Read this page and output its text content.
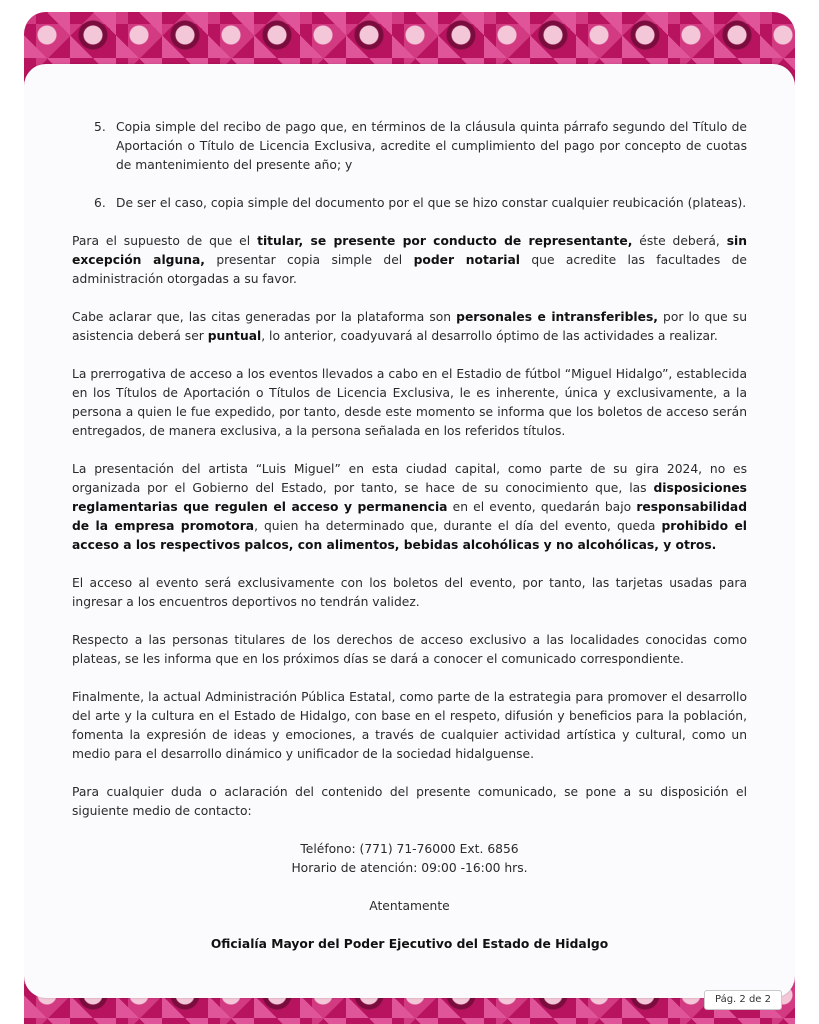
5. Copia simple del recibo de pago que, en términos de la cláusula quinta párrafo segundo del Título de Aportación o Título de Licencia Exclusiva, acredite el cumplimiento del pago por concepto de cuotas de mantenimiento del presente año; y
6. De ser el caso, copia simple del documento por el que se hizo constar cualquier reubicación (plateas).

Para el supuesto de que el titular, se presente por conducto de representante, éste deberá, sin excepción alguna, presentar copia simple del poder notarial que acredite las facultades de administración otorgadas a su favor.

Cabe aclarar que, las citas generadas por la plataforma son personales e intransferibles, por lo que su asistencia deberá ser puntual, lo anterior, coadyuvará al desarrollo óptimo de las actividades a realizar.

La prerrogativa de acceso a los eventos llevados a cabo en el Estadio de fútbol “Miguel Hidalgo”, establecida en los Títulos de Aportación o Títulos de Licencia Exclusiva, le es inherente, única y exclusivamente, a la persona a quien le fue expedido, por tanto, desde este momento se informa que los boletos de acceso serán entregados, de manera exclusiva, a la persona señalada en los referidos títulos.

La presentación del artista “Luis Miguel” en esta ciudad capital, como parte de su gira 2024, no es organizada por el Gobierno del Estado, por tanto, se hace de su conocimiento que, las disposiciones reglamentarias que regulen el acceso y permanencia en el evento, quedarán bajo responsabilidad de la empresa promotora, quien ha determinado que, durante el día del evento, queda prohibido el acceso a los respectivos palcos, con alimentos, bebidas alcohólicas y no alcohólicas, y otros.

El acceso al evento será exclusivamente con los boletos del evento, por tanto, las tarjetas usadas para ingresar a los encuentros deportivos no tendrán validez.

Respecto a las personas titulares de los derechos de acceso exclusivo a las localidades conocidas como plateas, se les informa que en los próximos días se dará a conocer el comunicado correspondiente.

Finalmente, la actual Administración Pública Estatal, como parte de la estrategia para promover el desarrollo del arte y la cultura en el Estado de Hidalgo, con base en el respeto, difusión y beneficios para la población, fomenta la expresión de ideas y emociones, a través de cualquier actividad artística y cultural, como un medio para el desarrollo dinámico y unificador de la sociedad hidalguense.

Para cualquier duda o aclaración del contenido del presente comunicado, se pone a su disposición el siguiente medio de contacto:

Teléfono: (771) 71-76000 Ext. 6856
Horario de atención: 09:00 -16:00 hrs.
Atentamente
Oficialía Mayor del Poder Ejecutivo del Estado de Hidalgo
Pág. 2 de 2
